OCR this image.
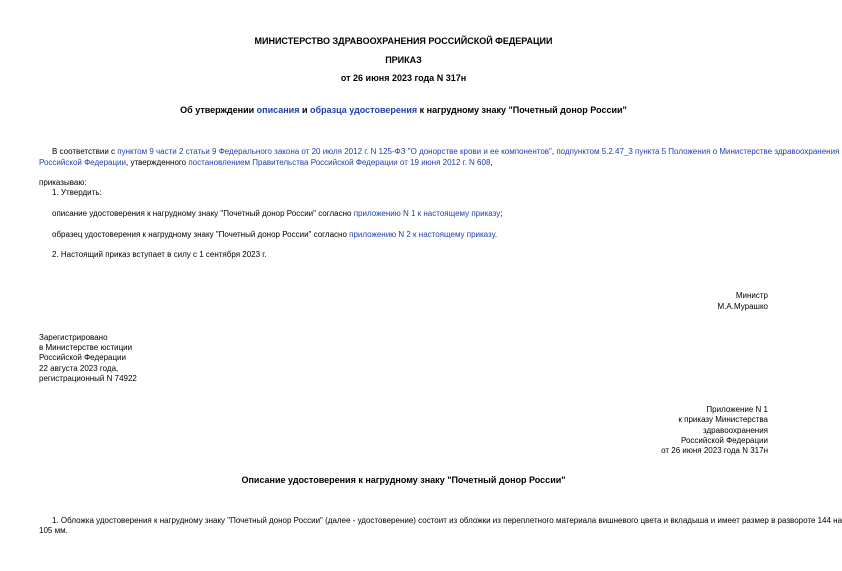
МИНИСТЕРСТВО ЗДРАВООХРАНЕНИЯ РОССИЙСКОЙ ФЕДЕРАЦИИ
ПРИКАЗ
от 26 июня 2023 года N 317н
Об утверждении описания и образца удостоверения к нагрудному знаку "Почетный донор России"
В соответствии с пунктом 9 части 2 статьи 9 Федерального закона от 20 июля 2012 г. N 125-ФЗ "О донорстве крови и ее компонентов", подпунктом 5.2.47_3 пункта 5 Положения о Министерстве здравоохранения
Российской Федерации, утвержденного постановлением Правительства Российской Федерации от 19 июня 2012 г. N 608,
приказываю:
1. Утвердить:
описание удостоверения к нагрудному знаку "Почетный донор России" согласно приложению N 1 к настоящему приказу;
образец удостоверения к нагрудному знаку "Почетный донор России" согласно приложению N 2 к настоящему приказу.
2. Настоящий приказ вступает в силу с 1 сентября 2023 г.
Министр
М.А.Мурашко
Зарегистрировано
в Министерстве юстиции
Российской Федерации
22 августа 2023 года,
регистрационный N 74922
Приложение N 1
к приказу Министерства
здравоохранения
Российской Федерации
от 26 июня 2023 года N 317н
Описание удостоверения к нагрудному знаку "Почетный донор России"
1. Обложка удостоверения к нагрудному знаку "Почетный донор России" (далее - удостоверение) состоит из обложки из переплетного материала вишневого цвета и вкладыша и имеет размер в развороте 144 на
105 мм.
